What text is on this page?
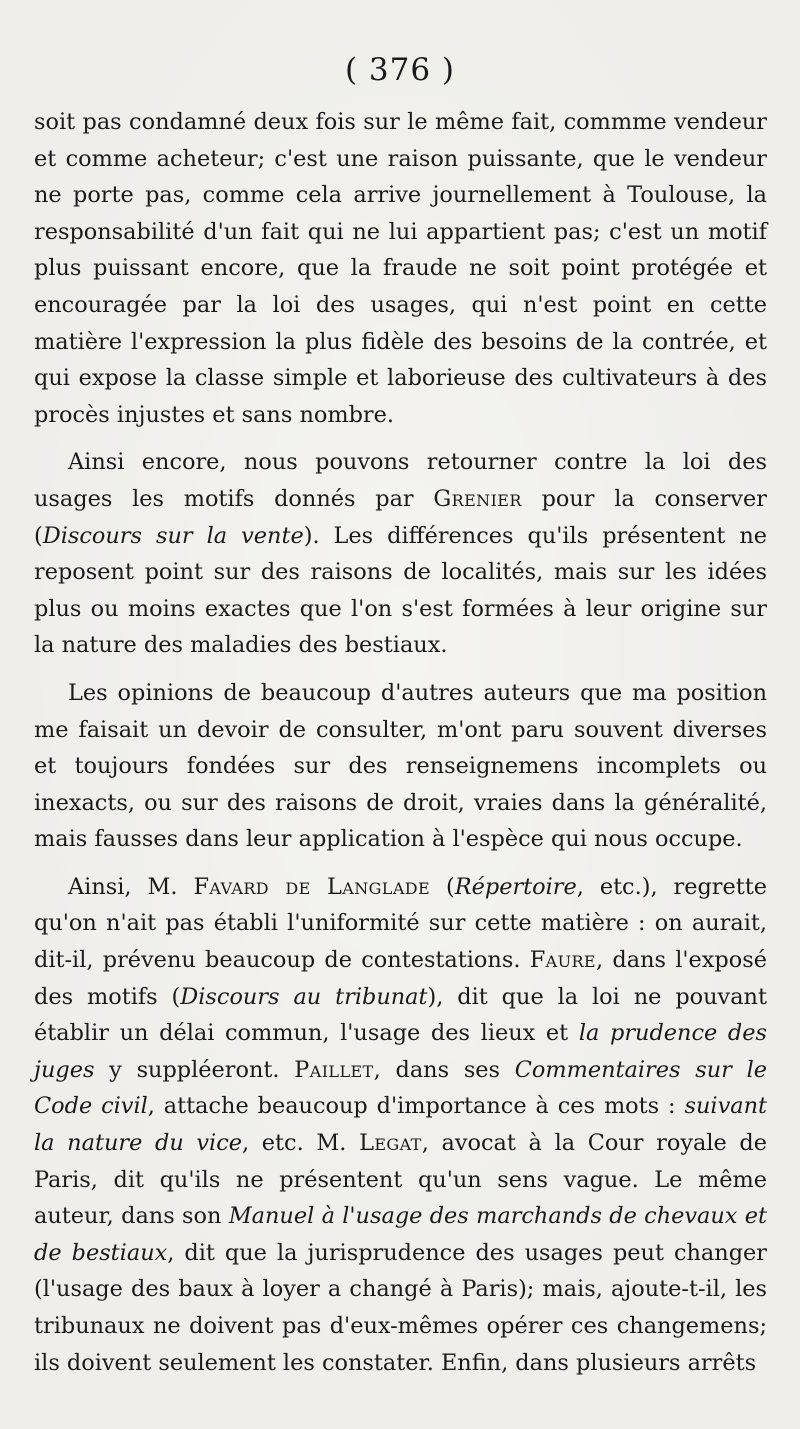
( 376 )

soit pas condamné deux fois sur le même fait, commme vendeur et comme acheteur; c'est une raison puissante, que le vendeur ne porte pas, comme cela arrive journellement à Toulouse, la responsabilité d'un fait qui ne lui appartient pas; c'est un motif plus puissant encore, que la fraude ne soit point protégée et encouragée par la loi des usages, qui n'est point en cette matière l'expression la plus fidèle des besoins de la contrée, et qui expose la classe simple et laborieuse des cultivateurs à des procès injustes et sans nombre.

Ainsi encore, nous pouvons retourner contre la loi des usages les motifs donnés par Grenier pour la conserver (Discours sur la vente). Les différences qu'ils présentent ne reposent point sur des raisons de localités, mais sur les idées plus ou moins exactes que l'on s'est formées à leur origine sur la nature des maladies des bestiaux.

Les opinions de beaucoup d'autres auteurs que ma position me faisait un devoir de consulter, m'ont paru souvent diverses et toujours fondées sur des renseignemens incomplets ou inexacts, ou sur des raisons de droit, vraies dans la généralité, mais fausses dans leur application à l'espèce qui nous occupe.

Ainsi, M. Favard de Langlade (Répertoire, etc.), regrette qu'on n'ait pas établi l'uniformité sur cette matière : on aurait, dit-il, prévenu beaucoup de contestations. Faure, dans l'exposé des motifs (Discours au tribunat), dit que la loi ne pouvant établir un délai commun, l'usage des lieux et la prudence des juges y suppléeront. Paillet, dans ses Commentaires sur le Code civil, attache beaucoup d'importance à ces mots : suivant la nature du vice, etc. M. Legat, avocat à la Cour royale de Paris, dit qu'ils ne présentent qu'un sens vague. Le même auteur, dans son Manuel à l'usage des marchands de chevaux et de bestiaux, dit que la jurisprudence des usages peut changer (l'usage des baux à loyer a changé à Paris); mais, ajoute-t-il, les tribunaux ne doivent pas d'eux-mêmes opérer ces changemens; ils doivent seulement les constater. Enfin, dans plusieurs arrêts
